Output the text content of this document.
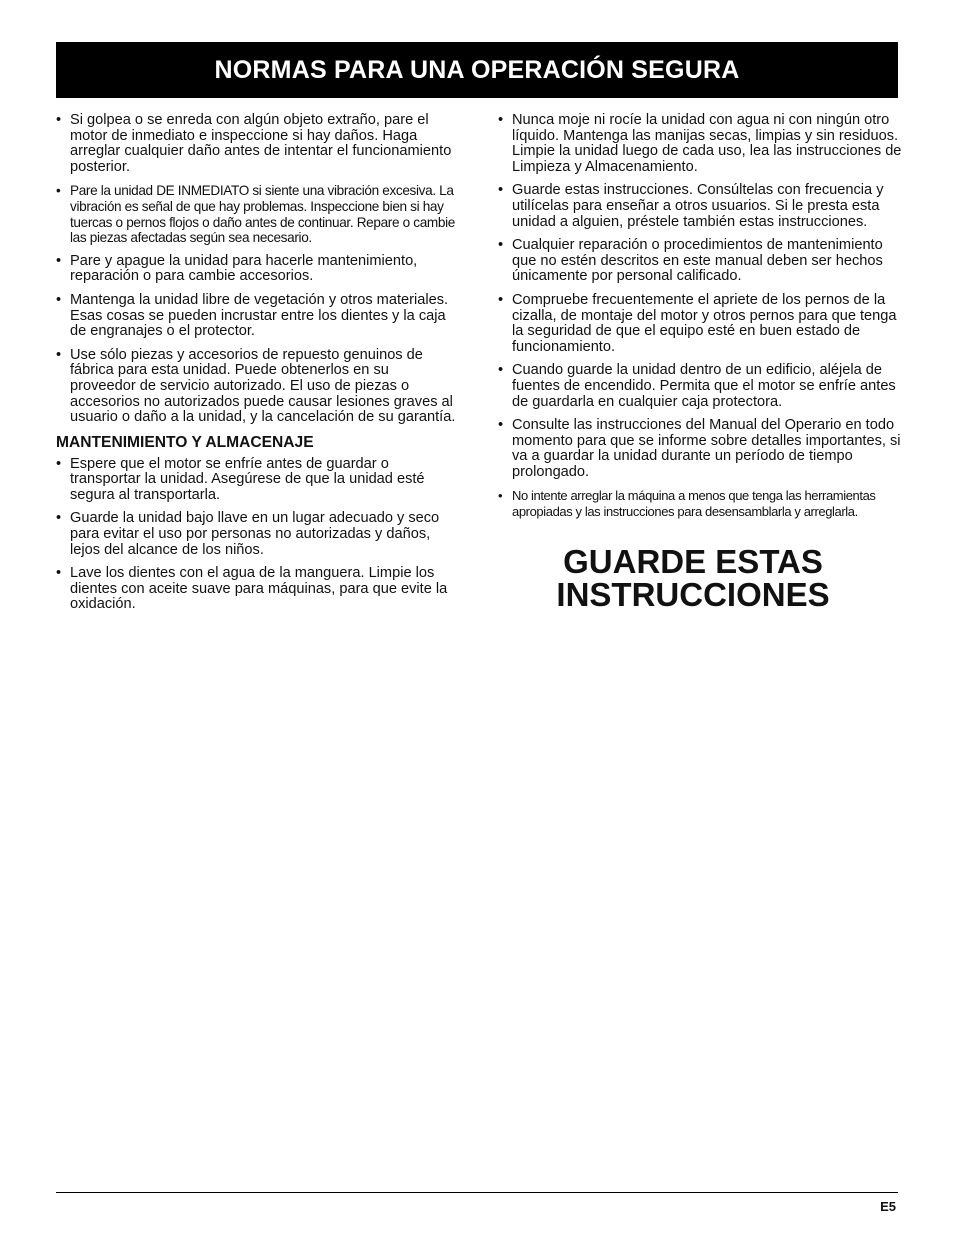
NORMAS PARA UNA OPERACIÓN SEGURA
• Si golpea o se enreda con algún objeto extraño, pare el motor de inmediato e inspeccione si hay daños. Haga arreglar cualquier daño antes de intentar el funcionamiento posterior.
• Pare la unidad DE INMEDIATO si siente una vibración excesiva. La vibración es señal de que hay problemas. Inspeccione bien si hay tuercas o pernos flojos o daño antes de continuar. Repare o cambie las piezas afectadas según sea necesario.
• Pare y apague la unidad para hacerle mantenimiento, reparación o para cambie accesorios.
• Mantenga la unidad libre de vegetación y otros materiales. Esas cosas se pueden incrustar entre los dientes y la caja de engranajes o el protector.
• Use sólo piezas y accesorios de repuesto genuinos de fábrica para esta unidad. Puede obtenerlos en su proveedor de servicio autorizado. El uso de piezas o accesorios no autorizados puede causar lesiones graves al usuario o daño a la unidad, y la cancelación de su garantía.
MANTENIMIENTO Y ALMACENAJE
• Espere que el motor se enfríe antes de guardar o transportar la unidad. Asegúrese de que la unidad esté segura al transportarla.
• Guarde la unidad bajo llave en un lugar adecuado y seco para evitar el uso por personas no autorizadas y daños, lejos del alcance de los niños.
• Lave los dientes con el agua de la manguera. Limpie los dientes con aceite suave para máquinas, para que evite la oxidación.
• Nunca moje ni rocíe la unidad con agua ni con ningún otro líquido. Mantenga las manijas secas, limpias y sin residuos. Limpie la unidad luego de cada uso, lea las instrucciones de Limpieza y Almacenamiento.
• Guarde estas instrucciones. Consúltelas con frecuencia y utilícelas para enseñar a otros usuarios. Si le presta esta unidad a alguien, préstele también estas instrucciones.
• Cualquier reparación o procedimientos de mantenimiento que no estén descritos en este manual deben ser hechos únicamente por personal calificado.
• Compruebe frecuentemente el apriete de los pernos de la cizalla, de montaje del motor y otros pernos para que tenga la seguridad de que el equipo esté en buen estado de funcionamiento.
• Cuando guarde la unidad dentro de un edificio, aléjela de fuentes de encendido. Permita que el motor se enfríe antes de guardarla en cualquier caja protectora.
• Consulte las instrucciones del Manual del Operario en todo momento para que se informe sobre detalles importantes, si va a guardar la unidad durante un período de tiempo prolongado.
• No intente arreglar la máquina a menos que tenga las herramientas apropiadas y las instrucciones para desensamblarla y arreglarla.
GUARDE ESTAS
INSTRUCCIONES
E5
